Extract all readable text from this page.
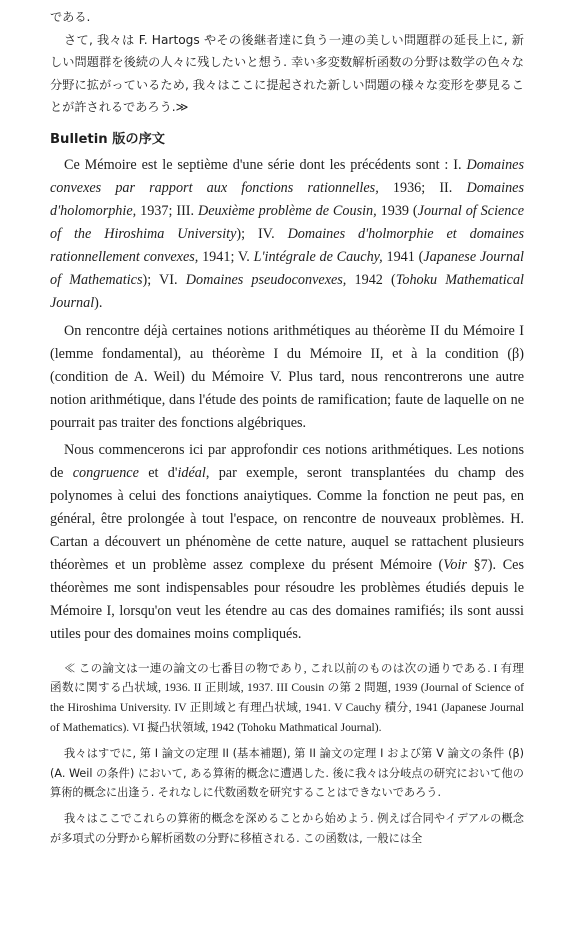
である.

さて, 我々は F. Hartogs やその後継者達に負う一連の美しい問題群の延長上に, 新しい問題群を後続の人々に残したいと想う. 幸い多変数解析函数の分野は数学の色々な分野に拡がっているため, 我々はここに提起された新しい問題の様々な変形を夢見ることが許されるであろう.≫

Bulletin 版の序文

Ce Mémoire est le septième d'une série dont les précédents sont : I. Domaines convexes par rapport aux fonctions rationnelles, 1936; II. Domaines d'holomorphie, 1937; III. Deuxième problème de Cousin, 1939 (Journal of Science of the Hiroshima University); IV. Domaines d'holmorphie et domaines rationnellement convexes, 1941; V. L'intégrale de Cauchy, 1941 (Japanese Journal of Mathematics); VI. Domaines pseudoconvexes, 1942 (Tohoku Mathematical Journal).

On rencontre déjà certaines notions arithmétiques au théorème II du Mémoire I (lemme fondamental), au théorème I du Mémoire II, et à la condition (β) (condition de A. Weil) du Mémoire V. Plus tard, nous rencontrerons une autre notion arithmétique, dans l'étude des points de ramification; faute de laquelle on ne pourrait pas traiter des fonctions algébriques.

Nous commencerons ici par approfondir ces notions arithmétiques. Les notions de congruence et d'idéal, par exemple, seront transplantées du champ des polynomes à celui des fonctions anaiytiques. Comme la fonction ne peut pas, en général, être prolongée à tout l'espace, on rencontre de nouveaux problèmes. H. Cartan a découvert un phénomène de cette nature, auquel se rattachent plusieurs théorèmes et un problème assez complexe du présent Mémoire (Voir §7). Ces théorèmes me sont indispensables pour résoudre les problèmes étudiés depuis le Mémoire I, lorsqu'on veut les étendre au cas des domaines ramifiés; ils sont aussi utiles pour des domaines moins compliqués.

≪ この論文は一連の論文の七番目の物であり, これ以前のものは次の通りである. I 有理函数に関する凸状域, 1936. II 正則域, 1937. III Cousin の第 2 問題, 1939 (Journal of Science of the Hiroshima University. IV 正則域と有理凸状域, 1941. V Cauchy 積分, 1941 (Japanese Journal of Mathematics). VI 擬凸状領域, 1942 (Tohoku Mathmatical Journal).

我々はすでに, 第 I 論文の定理 II (基本補題), 第 II 論文の定理 I および第 V 論文の条件 (β) (A. Weil の条件) において, ある算術的概念に遭遇した. 後に我々は分岐点の研究において他の算術的概念に出逢う. それなしに代数函数を研究することはできないであろう.

我々はここでこれらの算術的概念を深めることから始めよう. 例えば合同やイデアルの概念が多項式の分野から解析函数の分野に移植される. この函数は, 一般には全
